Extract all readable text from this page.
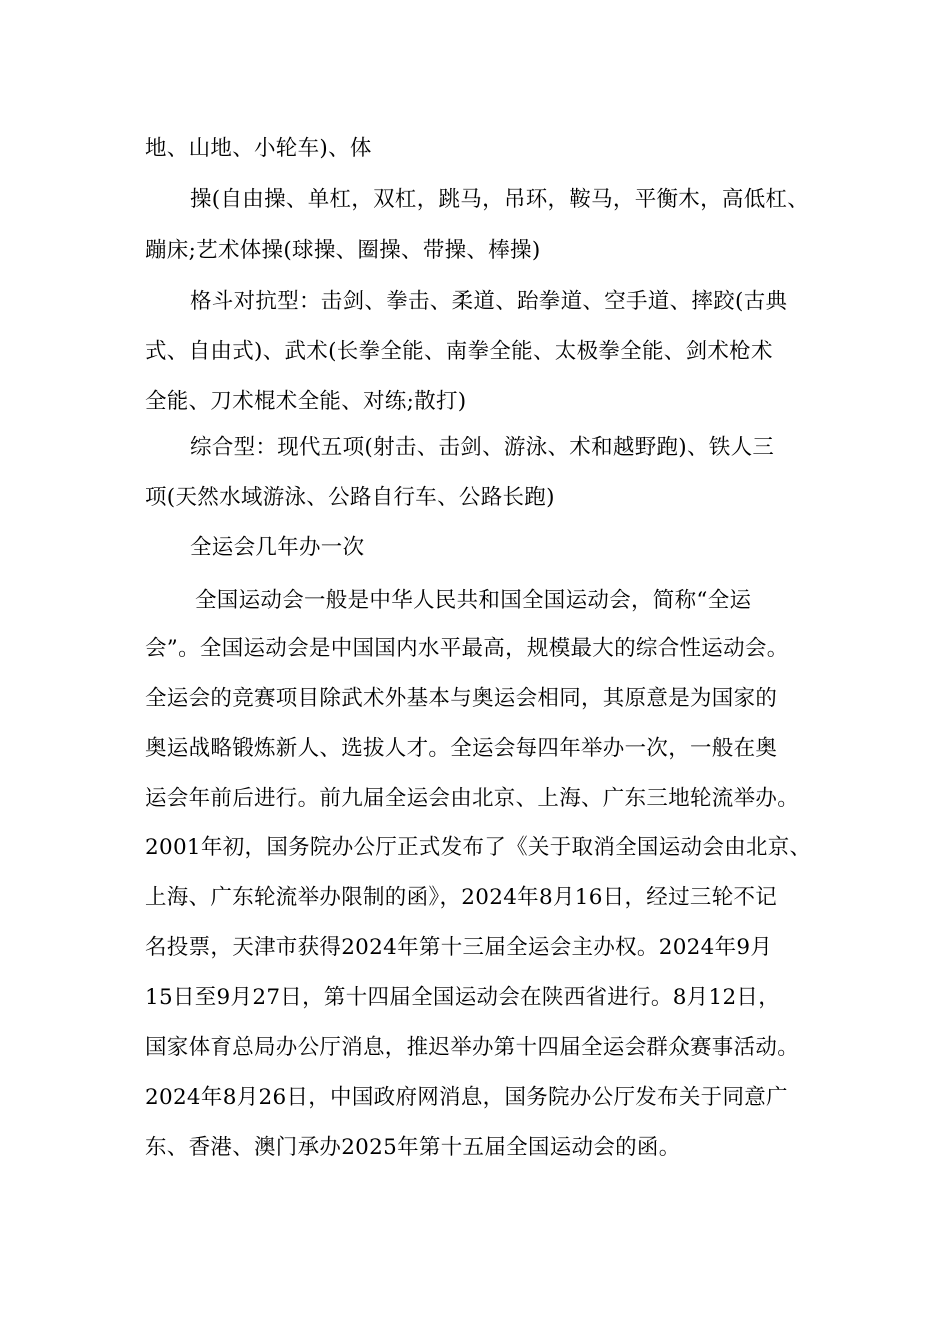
地、山地、小轮车)、体
操(自由操、单杠，双杠，跳马，吊环，鞍马，平衡木，高低杠、
蹦床;艺术体操(球操、圈操、带操、棒操)
格斗对抗型：击剑、拳击、柔道、跆拳道、空手道、摔跤(古典
式、自由式)、武术(长拳全能、南拳全能、太极拳全能、剑术枪术
全能、刀术棍术全能、对练;散打)
综合型：现代五项(射击、击剑、游泳、术和越野跑)、铁人三
项(天然水域游泳、公路自行车、公路长跑)
全运会几年办一次
全国运动会一般是中华人民共和国全国运动会，简称“全运
会”。全国运动会是中国国内水平最高，规模最大的综合性运动会。
全运会的竞赛项目除武术外基本与奥运会相同，其原意是为国家的
奥运战略锻炼新人、选拔人才。全运会每四年举办一次，一般在奥
运会年前后进行。前九届全运会由北京、上海、广东三地轮流举办。
2001年初，国务院办公厅正式发布了《关于取消全国运动会由北京、
上海、广东轮流举办限制的函》，2024年8月16日，经过三轮不记
名投票，天津市获得2024年第十三届全运会主办权。2024年9月
15日至9月27日，第十四届全国运动会在陕西省进行。8月12日，
国家体育总局办公厅消息，推迟举办第十四届全运会群众赛事活动。
2024年8月26日，中国政府网消息，国务院办公厅发布关于同意广
东、香港、澳门承办2025年第十五届全国运动会的函。
